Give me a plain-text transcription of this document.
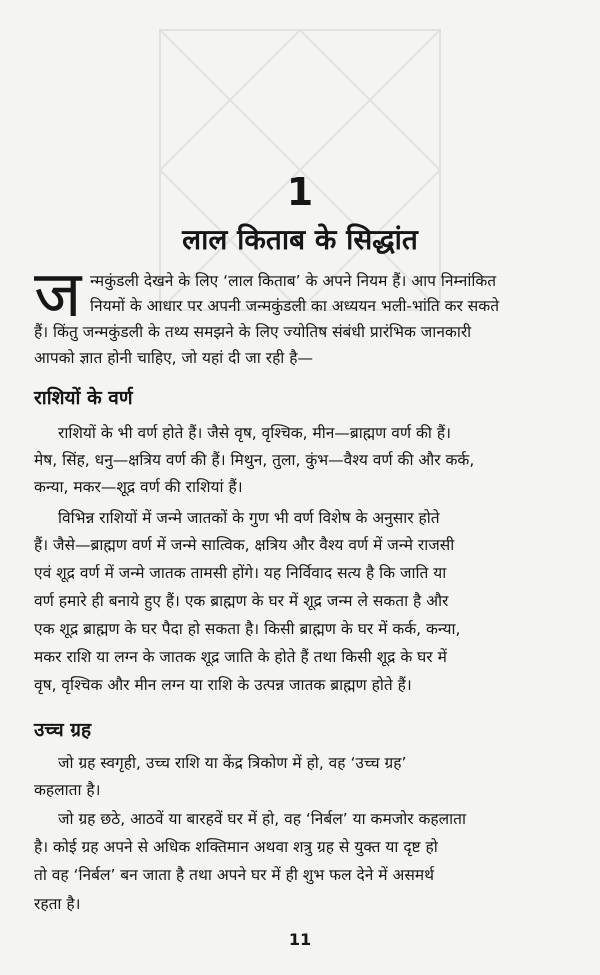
1
लाल किताब के सिद्धांत
ज न्मकुंडली देखने के लिए ‘लाल किताब’ के अपने नियम हैं। आप निम्नांकित
नियमों के आधार पर अपनी जन्मकुंडली का अध्ययन भली-भांति कर सकते
हैं। किंतु जन्मकुंडली के तथ्य समझने के लिए ज्योतिष संबंधी प्रारंभिक जानकारी
आपको ज्ञात होनी चाहिए, जो यहां दी जा रही है—
राशियों के वर्ण
राशियों के भी वर्ण होते हैं। जैसे वृष, वृश्चिक, मीन—ब्राह्मण वर्ण की हैं।
मेष, सिंह, धनु—क्षत्रिय वर्ण की हैं। मिथुन, तुला, कुंभ—वैश्य वर्ण की और कर्क,
कन्या, मकर—शूद्र वर्ण की राशियां हैं।
विभिन्न राशियों में जन्मे जातकों के गुण भी वर्ण विशेष के अनुसार होते
हैं। जैसे—ब्राह्मण वर्ण में जन्मे सात्विक, क्षत्रिय और वैश्य वर्ण में जन्मे राजसी
एवं शूद्र वर्ण में जन्मे जातक तामसी होंगे। यह निर्विवाद सत्य है कि जाति या
वर्ण हमारे ही बनाये हुए हैं। एक ब्राह्मण के घर में शूद्र जन्म ले सकता है और
एक शूद्र ब्राह्मण के घर पैदा हो सकता है। किसी ब्राह्मण के घर में कर्क, कन्या,
मकर राशि या लग्न के जातक शूद्र जाति के होते हैं तथा किसी शूद्र के घर में
वृष, वृश्चिक और मीन लग्न या राशि के उत्पन्न जातक ब्राह्मण होते हैं।
उच्च ग्रह
जो ग्रह स्वगृही, उच्च राशि या केंद्र त्रिकोण में हो, वह ‘उच्च ग्रह’
कहलाता है।
जो ग्रह छठे, आठवें या बारहवें घर में हो, वह ‘निर्बल’ या कमजोर कहलाता
है। कोई ग्रह अपने से अधिक शक्तिमान अथवा शत्रु ग्रह से युक्त या दृष्ट हो
तो वह ‘निर्बल’ बन जाता है तथा अपने घर में ही शुभ फल देने में असमर्थ
रहता है।
11
